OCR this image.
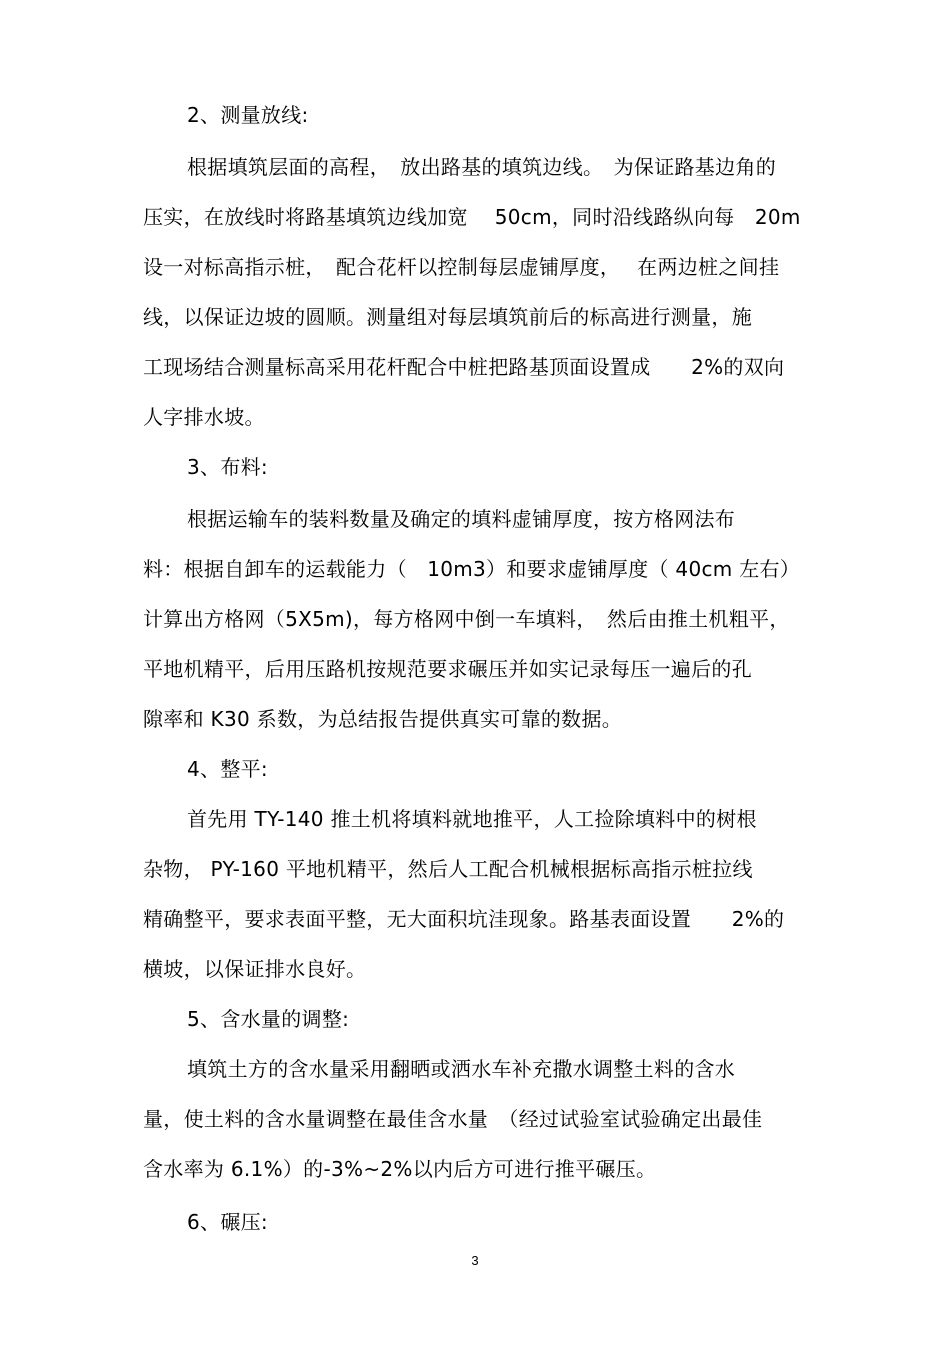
2、测量放线:
根据填筑层面的高程，　放出路基的填筑边线。　为保证路基边角的
压实，在放线时将路基填筑边线加宽　 50cm，同时沿线路纵向每　20m
设一对标高指示桩，　配合花杆以控制每层虚铺厚度，　 在两边桩之间挂
线，以保证边坡的圆顺。测量组对每层填筑前后的标高进行测量，施
工现场结合测量标高采用花杆配合中桩把路基顶面设置成　　2%的双向
人字排水坡。
3、布料:
根据运输车的装料数量及确定的填料虚铺厚度，按方格网法布
料：根据自卸车的运载能力（　10m3）和要求虚铺厚度（ 40cm 左右）
计算出方格网（5X5m)，每方格网中倒一车填料，　然后由推土机粗平，
平地机精平，后用压路机按规范要求碾压并如实记录每压一遍后的孔
隙率和 K30 系数，为总结报告提供真实可靠的数据。
4、整平:
首先用 TY-140 推土机将填料就地推平，人工捡除填料中的树根
杂物， PY-160 平地机精平，然后人工配合机械根据标高指示桩拉线
精确整平，要求表面平整，无大面积坑洼现象。路基表面设置　　2%的
横坡，以保证排水良好。
5、含水量的调整:
填筑土方的含水量采用翻晒或洒水车补充撒水调整土料的含水
量，使土料的含水量调整在最佳含水量　（经过试验室试验确定出最佳
含水率为 6.1%）的-3%~2%以内后方可进行推平碾压。
6、碾压:
3
